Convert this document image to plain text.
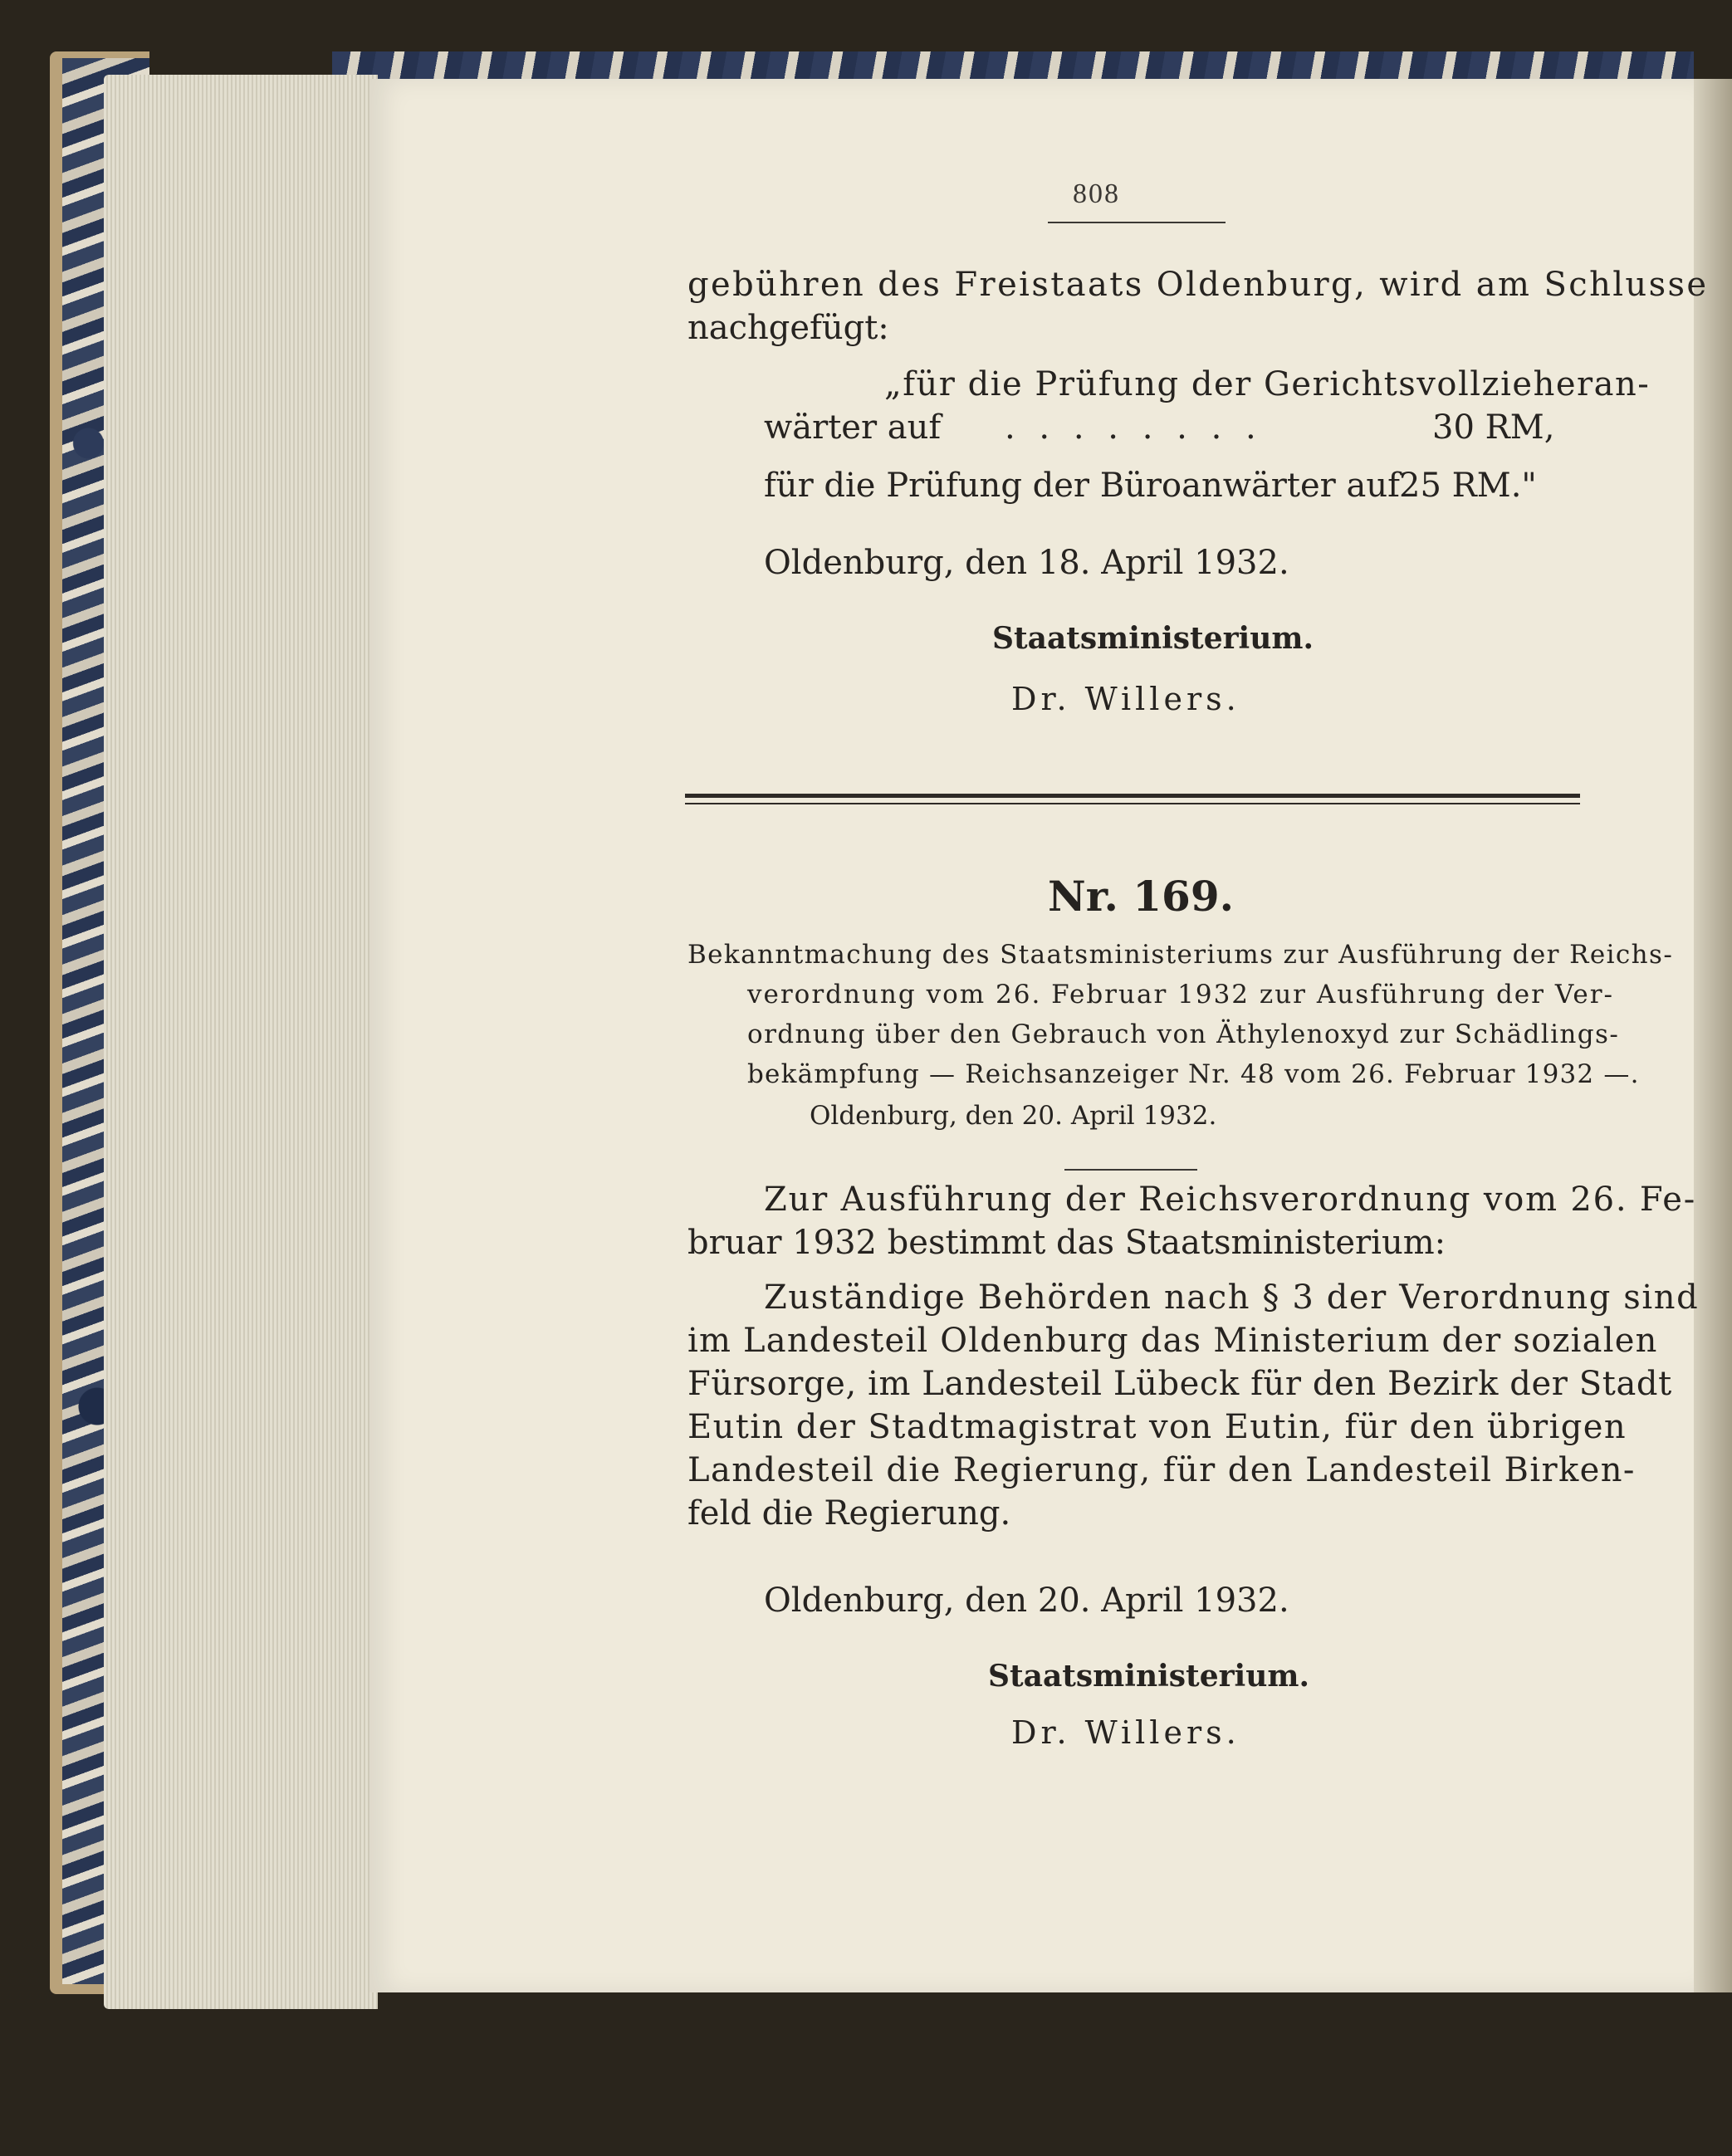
808
gebühren des Freistaats Oldenburg, wird am Schlusse
nachgefügt:
„für die Prüfung der Gerichtsvollzieheran-
wärter auf . . . . . . . .	30 RM,
für die Prüfung der Büroanwärter auf 25 RM."
Oldenburg, den 18. April 1932.
Staatsministerium.
Dr. Willers.
Nr. 169.
Bekanntmachung des Staatsministeriums zur Ausführung der Reichs-
verordnung vom 26. Februar 1932 zur Ausführung der Ver-
ordnung über den Gebrauch von Äthylenoxyd zur Schädlings-
bekämpfung — Reichsanzeiger Nr. 48 vom 26. Februar 1932 —.
Oldenburg, den 20. April 1932.
Zur Ausführung der Reichsverordnung vom 26. Fe-
bruar 1932 bestimmt das Staatsministerium:
Zuständige Behörden nach § 3 der Verordnung sind
im Landesteil Oldenburg das Ministerium der sozialen
Fürsorge, im Landesteil Lübeck für den Bezirk der Stadt
Eutin der Stadtmagistrat von Eutin, für den übrigen
Landesteil die Regierung, für den Landesteil Birken-
feld die Regierung.
Oldenburg, den 20. April 1932.
Staatsministerium.
Dr. Willers.
